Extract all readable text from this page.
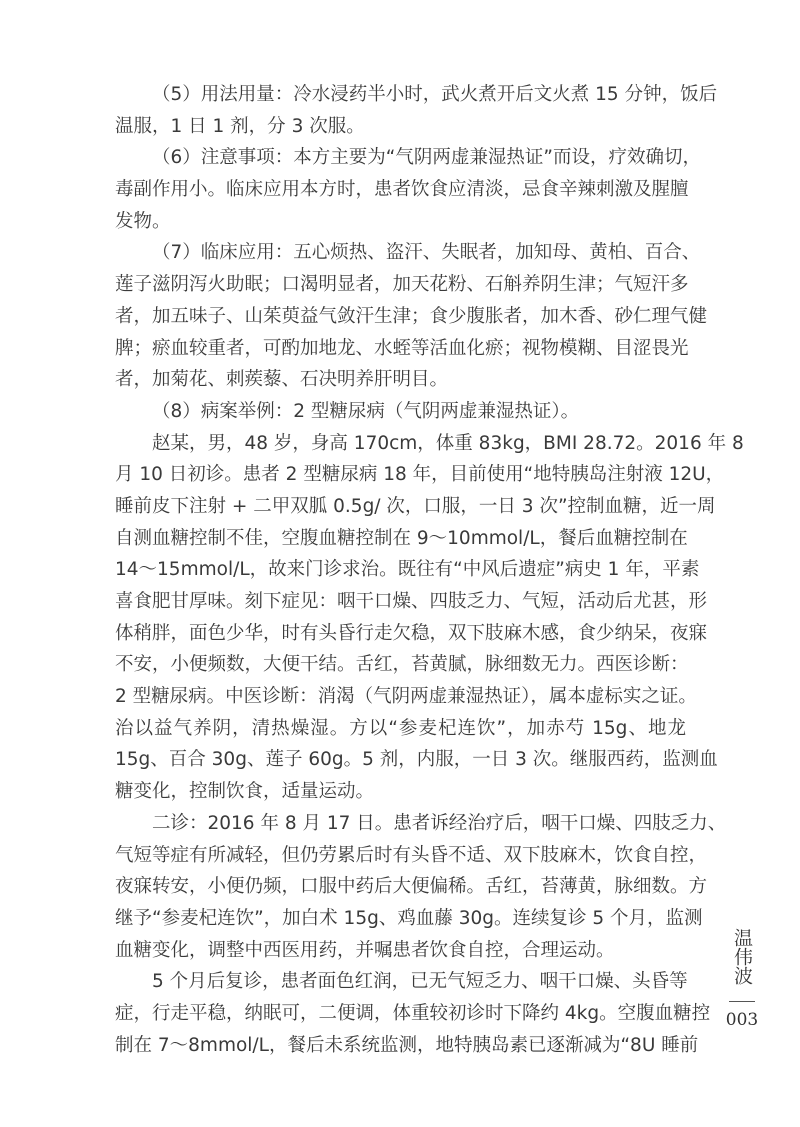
（5）用法用量：冷水浸药半小时，武火煮开后文火煮 15 分钟，饭后
温服，1 日 1 剂，分 3 次服。
（6）注意事项：本方主要为“气阴两虚兼湿热证”而设，疗效确切，
毒副作用小。临床应用本方时，患者饮食应清淡，忌食辛辣刺激及腥膻
发物。
（7）临床应用：五心烦热、盗汗、失眠者，加知母、黄柏、百合、
莲子滋阴泻火助眠；口渴明显者，加天花粉、石斛养阴生津；气短汗多
者，加五味子、山茱萸益气敛汗生津；食少腹胀者，加木香、砂仁理气健
脾；瘀血较重者，可酌加地龙、水蛭等活血化瘀；视物模糊、目涩畏光
者，加菊花、刺蒺藜、石决明养肝明目。
（8）病案举例：2 型糖尿病（气阴两虚兼湿热证）。
赵某，男，48 岁，身高 170cm，体重 83kg，BMI 28.72。2016 年 8
月 10 日初诊。患者 2 型糖尿病 18 年，目前使用“地特胰岛注射液 12U，
睡前皮下注射 + 二甲双胍 0.5g/ 次，口服，一日 3 次”控制血糖，近一周
自测血糖控制不佳，空腹血糖控制在 9～10mmol/L，餐后血糖控制在
14～15mmol/L，故来门诊求治。既往有“中风后遗症”病史 1 年，平素
喜食肥甘厚味。刻下症见：咽干口燥、四肢乏力、气短，活动后尤甚，形
体稍胖，面色少华，时有头昏行走欠稳，双下肢麻木感，食少纳呆，夜寐
不安，小便频数，大便干结。舌红，苔黄腻，脉细数无力。西医诊断：
2 型糖尿病。中医诊断：消渴（气阴两虚兼湿热证），属本虚标实之证。
治以益气养阴，清热燥湿。方以“参麦杞连饮”，加赤芍 15g、地龙
15g、百合 30g、莲子 60g。5 剂，内服，一日 3 次。继服西药，监测血
糖变化，控制饮食，适量运动。
二诊：2016 年 8 月 17 日。患者诉经治疗后，咽干口燥、四肢乏力、
气短等症有所减轻，但仍劳累后时有头昏不适、双下肢麻木，饮食自控，
夜寐转安，小便仍频，口服中药后大便偏稀。舌红，苔薄黄，脉细数。方
继予“参麦杞连饮”，加白术 15g、鸡血藤 30g。连续复诊 5 个月，监测
血糖变化，调整中西医用药，并嘱患者饮食自控，合理运动。
5 个月后复诊，患者面色红润，已无气短乏力、咽干口燥、头昏等
症，行走平稳，纳眠可，二便调，体重较初诊时下降约 4kg。空腹血糖控
制在 7～8mmol/L，餐后未系统监测，地特胰岛素已逐渐减为“8U 睡前
温伟波
003
